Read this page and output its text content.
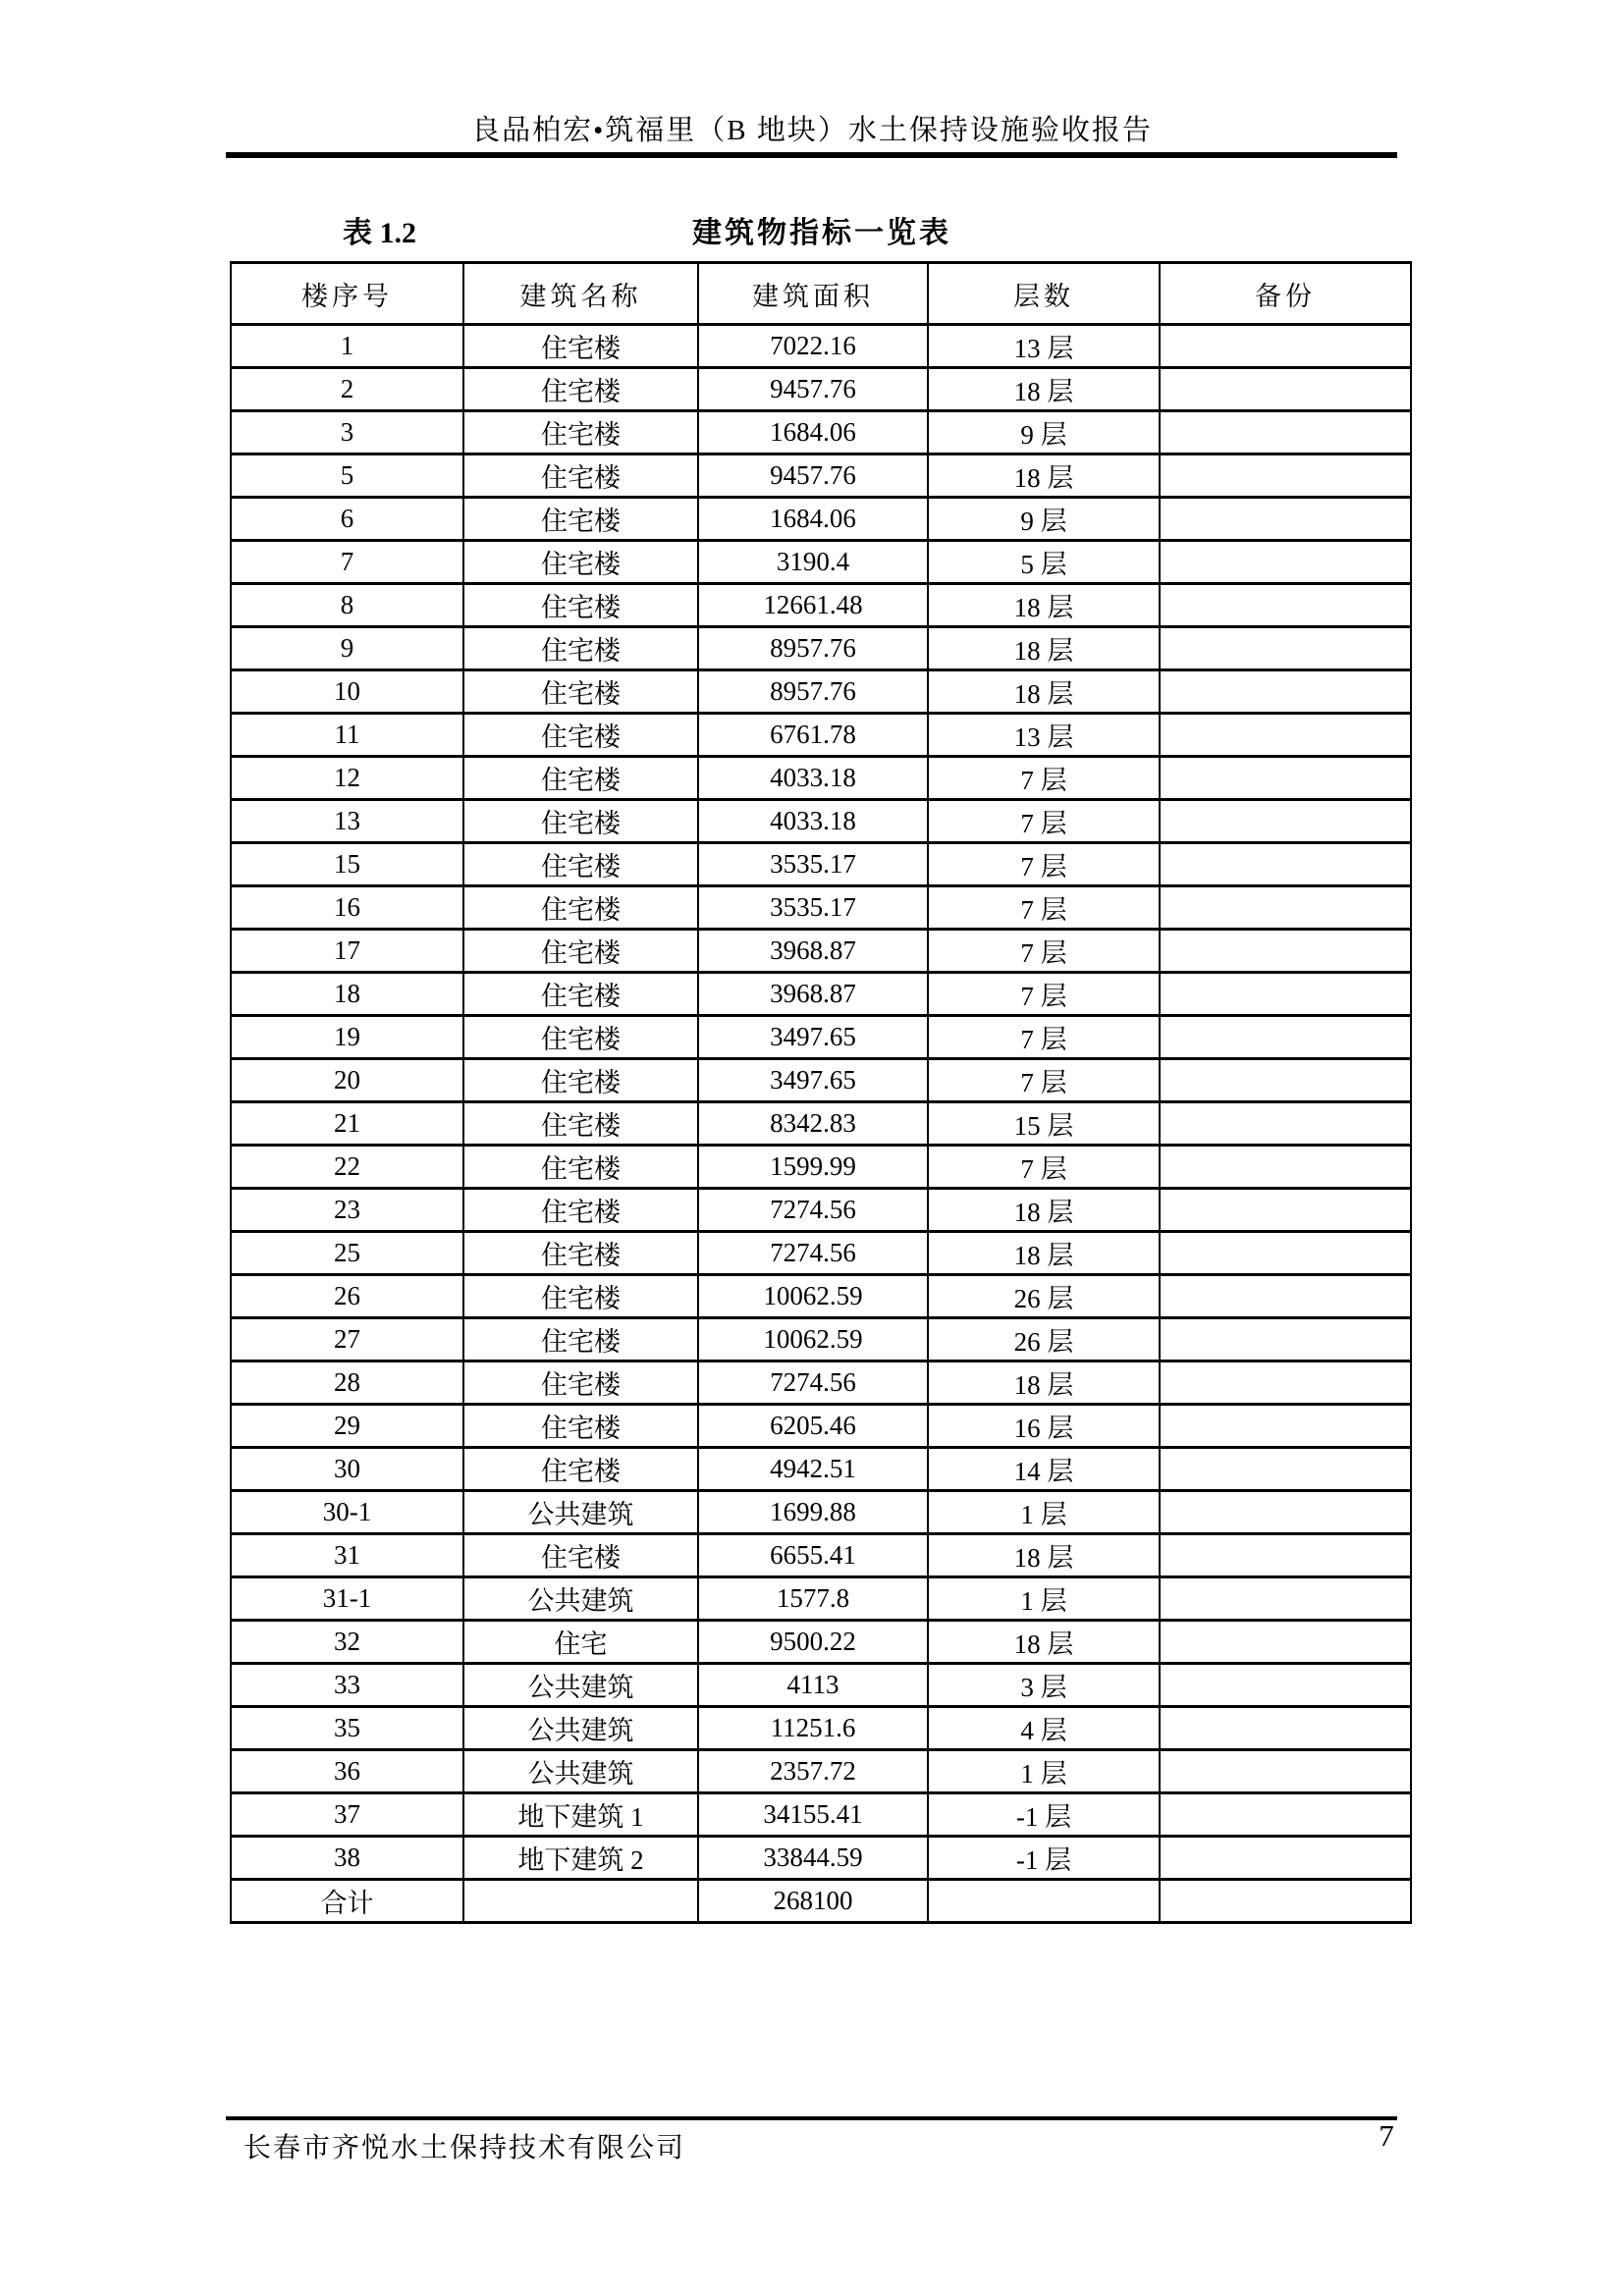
良品柏宏•筑福里（B 地块）水土保持设施验收报告
表 1.2	建筑物指标一览表
楼序号	建筑名称	建筑面积	层数	备份
1	住宅楼	7022.16	13 层	
2	住宅楼	9457.76	18 层	
3	住宅楼	1684.06	9 层	
5	住宅楼	9457.76	18 层	
6	住宅楼	1684.06	9 层	
7	住宅楼	3190.4	5 层	
8	住宅楼	12661.48	18 层	
9	住宅楼	8957.76	18 层	
10	住宅楼	8957.76	18 层	
11	住宅楼	6761.78	13 层	
12	住宅楼	4033.18	7 层	
13	住宅楼	4033.18	7 层	
15	住宅楼	3535.17	7 层	
16	住宅楼	3535.17	7 层	
17	住宅楼	3968.87	7 层	
18	住宅楼	3968.87	7 层	
19	住宅楼	3497.65	7 层	
20	住宅楼	3497.65	7 层	
21	住宅楼	8342.83	15 层	
22	住宅楼	1599.99	7 层	
23	住宅楼	7274.56	18 层	
25	住宅楼	7274.56	18 层	
26	住宅楼	10062.59	26 层	
27	住宅楼	10062.59	26 层	
28	住宅楼	7274.56	18 层	
29	住宅楼	6205.46	16 层	
30	住宅楼	4942.51	14 层	
30-1	公共建筑	1699.88	1 层	
31	住宅楼	6655.41	18 层	
31-1	公共建筑	1577.8	1 层	
32	住宅	9500.22	18 层	
33	公共建筑	4113	3 层	
35	公共建筑	11251.6	4 层	
36	公共建筑	2357.72	1 层	
37	地下建筑 1	34155.41	-1 层	
38	地下建筑 2	33844.59	-1 层	
合计		268100		
长春市齐悦水土保持技术有限公司	7
